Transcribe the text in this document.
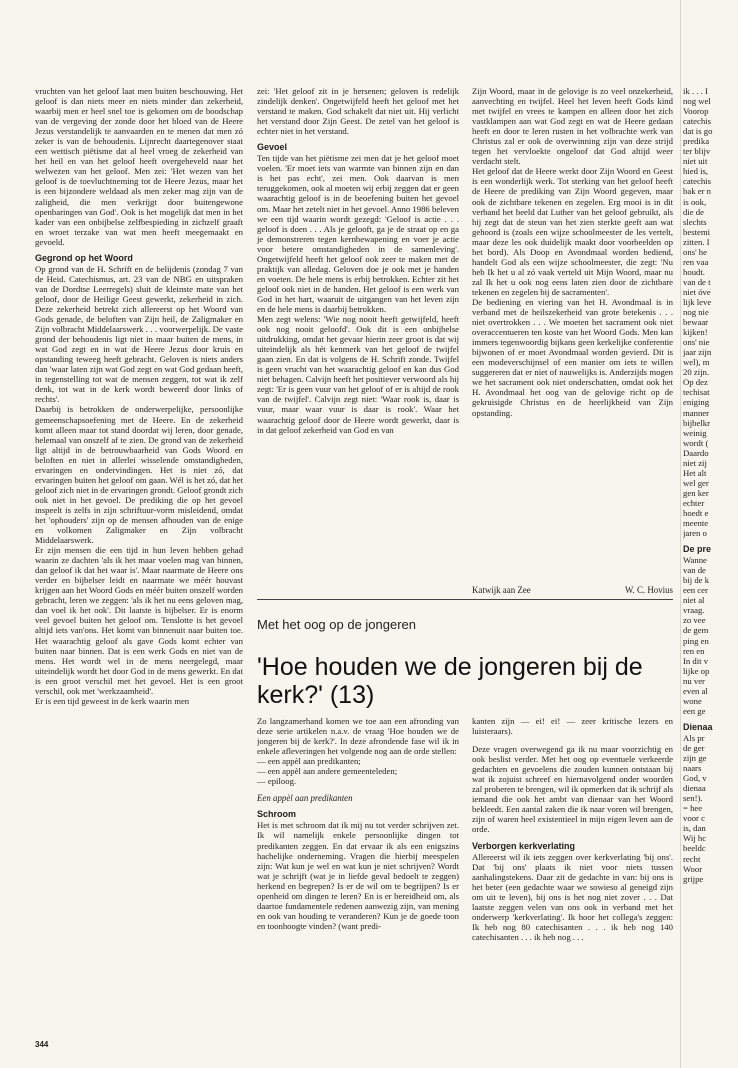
vruchten van het geloof laat men buiten beschouwing. Het geloof is dan niets meer en niets minder dan zekerheid, waarbij men er heel snel toe is gekomen om de boodschap van de vergeving der zonde door het bloed van de Heere Jezus verstandelijk te aanvaarden en te menen dat men zó zeker is van de behoudenis. Lijnrecht daartegenover staat een wettisch piëtisme dat al heel vroeg de zekerheid van het heil en van het geloof heeft overgeheveld naar het welwezen van het geloof. Men zei: 'Het wezen van het geloof is de toevluchtneming tot de Heere Jezus, maar het is een bijzondere weldaad als men zeker mag zijn van de zaligheid, die men verkrijgt door buitengewone openbaringen van God'. Ook is het mogelijk dat men in het kader van een onbijbelse zelfbespieding in zichzelf graaft en wroet terzake van wat men heeft meegemaakt en gevoeld.

Gegrond op het Woord

Op grond van de H. Schrift en de belijdenis (zondag 7 van de Heid. Catechismus, art. 23 van de NBG en uitspraken van de Dordtse Leerregels) sluit de kleinste mate van het geloof, door de Heilige Geest gewerkt, zekerheid in zich. Deze zekerheid betrekt zich allereerst op het Woord van Gods genade, de beloften van Zijn heil, de Zaligmaker en Zijn volbracht Middelaarswerk . . . voorwerpelijk. De vaste grond der behoudenis ligt niet in maar buiten de mens, in wat God zegt en in wat de Heere Jezus door kruis en opstanding teweeg heeft gebracht. Geloven is niets anders dan 'waar laten zijn wat God zegt en wat God gedaan heeft, in tegenstelling tot wat de mensen zeggen, tot wat ik zelf denk, tot wat in de kerk wordt beweerd door links of rechts'.

Daarbij is betrokken de onderwerpelijke, persoonlijke gemeenschapsoefening met de Heere. En de zekerheid komt alleen maar tot stand doordat wij leren, door genade, helemaal van onszelf af te zien. De grond van de zekerheid ligt altijd in de betrouwbaarheid van Gods Woord en beloften en niet in allerlei wisselende omstandigheden, ervaringen en ondervindingen. Het is niet zó, dat ervaringen buiten het geloof om gaan. Wél is het zó, dat het geloof zich niet in de ervaringen grondt. Geloof grondt zich ook niet in het gevoel. De prediking die op het gevoel inspeelt is zelfs in zijn schriftuur-vorm misleidend, omdat het 'ophouders' zijn op de mensen afhouden van de enige en volkomen Zaligmaker en Zijn volbracht Middelaarswerk.

Er zijn mensen die een tijd in hun leven hebben gehad waarin ze dachten 'als ik het maar voelen mag van binnen, dan geloof ik dat het waar is'. Maar naarmate de Heere ons verder en bijbelser leidt en naarmate we méér houvast krijgen aan het Woord Gods en méér buiten onszelf worden gebracht, leren we zeggen: 'als ik het nu eens geloven mag, dan voel ik het ook'. Dit laatste is bijbelser. Er is enorm veel gevoel buiten het geloof om. Tenslotte is het gevoel altijd iets van'ons. Het komt van binnenuit naar buiten toe. Het waarachtig geloof als gave Gods komt echter van buiten naar binnen. Dat is een werk Gods en niet van de mens. Het wordt wel in de mens neergelegd, maar uiteindelijk wordt het door God in de mens gewerkt. En dat is een groot verschil met het gevoel. Het is een groot verschil, ook met 'werkzaamheid'.

Er is een tijd geweest in de kerk waarin men

zei: 'Het geloof zit in je hersenen; geloven is redelijk zindelijk denken'. Ongetwijfeld heeft het geloof met het verstand te maken. God schakelt dat niet uit. Hij verlicht het verstand door Zijn Geest. De zetel van het geloof is echter niet in het verstand.

Gevoel

Ten tijde van het piëtisme zei men dat je het geloof moet voelen. 'Er moet iets van warmte van binnen zijn en dan is het pas echt', zei men. Ook daarvan is men teruggekomen, ook al moeten wij erbij zeggen dat er geen waarachtig geloof is in de beoefening buiten het gevoel om. Maar het zetelt niet in het gevoel. Anno 1986 beleven we een tijd waarin wordt gezegd: 'Geloof is actie . . . geloof is doen . . . Als je gelooft, ga je de straat op en ga je demonstreren tegen kernbewapening en voer je actie voor betere omstandigheden in de samenleving'. Ongetwijfeld heeft het geloof ook zeer te maken met de praktijk van alledag. Geloven doe je ook met je handen en voeten. De hele mens is erbij betrokken. Echter zit het geloof ook niet in de handen. Het geloof is een werk van God in het hart, waaruit de uitgangen van het leven zijn en de hele mens is daarbij betrokken.

Men zegt welens: 'Wie nog nooit heeft getwijfeld, heeft ook nog nooit geloofd'. Ook dit is een onbijbelse uitdrukking, omdat het gevaar hierin zeer groot is dat wij uiteindelijk als hét kenmerk van het geloof de twijfel gaan zien. En dat is volgens de H. Schrift zonde. Twijfel is geen vrucht van het waarachtig geloof en kan dus God niet behagen. Calvijn heeft het positiever verwoord als hij zegt: 'Er is geen vuur van het geloof of er is altijd de rook van de twijfel'. Calvijn zegt niet: 'Waar rook is, daar is vuur, maar waar vuur is daar is rook'. Waar het waarachtig geloof door de Heere wordt gewerkt, daar is in dat geloof zekerheid van God en van

Zijn Woord, maar in de gelovige is zo veel onzekerheid, aanvechting en twijfel. Heel het leven heeft Gods kind met twijfel en vrees te kampen en alleen door het zich vastklampen aan wat God zegt en wat de Heere gedaan heeft en door te leren rusten in het volbrachte werk van Christus zal er ook de overwinning zijn van deze strijd tegen het vervloekte ongeloof dat God altijd weer verdacht stelt.

Het geloof dat de Heere werkt door Zijn Woord en Geest is een wonderlijk werk. Tot sterking van het geloof heeft de Heere de prediking van Zijn Woord gegeven, maar ook de zichtbare tekenen en zegelen. Erg mooi is in dit verband het beeld dat Luther van het geloof gebruikt, als hij zegt dat de steun van het zien sterkte geeft aan wat gehoord is (zoals een wijze schoolmeester de les vertelt, maar deze les ook duidelijk maakt door voorbeelden op het bord). Als Doop en Avondmaal worden bediend, handelt God als een wijze schoolmeester, die zegt: 'Nu heb Ik het u al zó vaak verteld uit Mijn Woord, maar nu zal Ik het u ook nog eens laten zien door de zichtbare tekenen en zegelen bij de sacramenten'.

De bediening en viering van het H. Avondmaal is in verband met de heilszekerheid van grote betekenis . . . niet overtrokken . . . We moeten het sacrament ook niet overaccentueren ten koste van het Woord Gods. Men kan immers tegenwoordig bijkans geen kerkelijke conferentie bijwonen of er moet Avondmaal worden gevierd. Dit is een modeverschijnsel of een manier om iets te willen suggereren dat er niet of nauwelijks is. Anderzijds mogen we het sacrament ook niet onderschatten, omdat ook het H. Avondmaal het oog van de gelovige richt op de gekruisigde Christus en de heerlijkheid van Zijn opstanding.

Katwijk aan Zee	W. C. Hovius
Met het oog op de jongeren
'Hoe houden we de jongeren bij de kerk?' (13)

Zo langzamerhand komen we toe aan een afronding van deze serie artikelen n.a.v. de vraag 'Hoe houden we de jongeren bij de kerk?'. In deze afrondende fase wil ik in enkele afleveringen het volgende nog aan de orde stellen:

— een appèl aan predikanten;

— een appèl aan andere gemeenteleden;

— epiloog.

Een appèl aan predikanten
Schroom

Het is met schroom dat ik mij nu tot verder schrijven zet. Ik wil namelijk enkele persoonlijke dingen tot predikanten zeggen. En dat ervaar ik als een enigszins hachelijke onderneming. Vragen die hierbij meespelen zijn: Wat kun je wel en wat kun je niet schrijven? Wordt wat je schrijft (wat je in liefde geval bedoelt te zeggen) herkend en begrepen? Is er de wil om te begrijpen? Is er openheid om dingen te leren? En is er bereidheid om, als daartoe fundamentele redenen aanwezig zijn, van mening en ook van houding te veranderen? Kun je de goede toon en toonhoogte vinden? (want predi-

kanten zijn — ei! ei! — zeer kritische lezers en luisteraars).

Deze vragen overwegend ga ik nu maar voorzichtig en ook beslist verder. Met het oog op eventuele verkeerde gedachten en gevoelens die zouden kunnen ontstaan bij wat ik zojuist schreef en hiernavolgend onder woorden zal proberen te brengen, wil ik opmerken dat ik schrijf als iemand die ook het ambt van dienaar van het Woord bekleedt. Een aantal zaken die ik naar voren wil brengen, zijn of waren heel existentieel in mijn eigen leven aan de orde.

Verborgen kerkverlating

Allereerst wil ik iets zeggen over kerkverlating 'bij ons'. Dat 'bij ons' plaats ik niet voor niets tussen aanhalingstekens. Daar zit de gedachte in van: bij ons is het beter (een gedachte waar we sowieso al geneigd zijn om uit te leven), bij ons is het nog niet zover . . . Dat laatste zeggen velen van ons ook in verband met het onderwerp 'kerkverlating'. Ik hoor het collega's zeggen: Ik heb nog 80 catechisanten . . . ik heb nog 140 catechisanten . . . ik heb nog . . .

ik . . . I
nog wel
Voorop
catechis
dat is go
predika
ter blijv
niet uit
hied is,
catechis
bak er n
is ook,
die de
slechts
bestemi
zitten. I
ons' he
ren vaa
houdt.
van de t
niet óve
lijk leve
nog nie
bewaar
kijken!
ons' nie
jaar zijn
wel), m
20 zijn.
Op dez
techisat
eniging
manner
bijbelkr
weinig
wordt (
Daardo
niet zij
Het alt
wel ger
gen ker
echter
hoedt e
meente
jaren o
De pre
Wanne
van de
bij de k
een cer
niet al
vraag.
zo vee
de gem
ping en
ren en
In dit v
lijke op
nu ver
even al
wone
een ge
Dienaa
Als pr
de ger
zijn ge
naars
God, v
dienaa
sen!).
= hee
voor c
is, dan
Wij hc
beeldc
recht
Woor
grijpe
344
